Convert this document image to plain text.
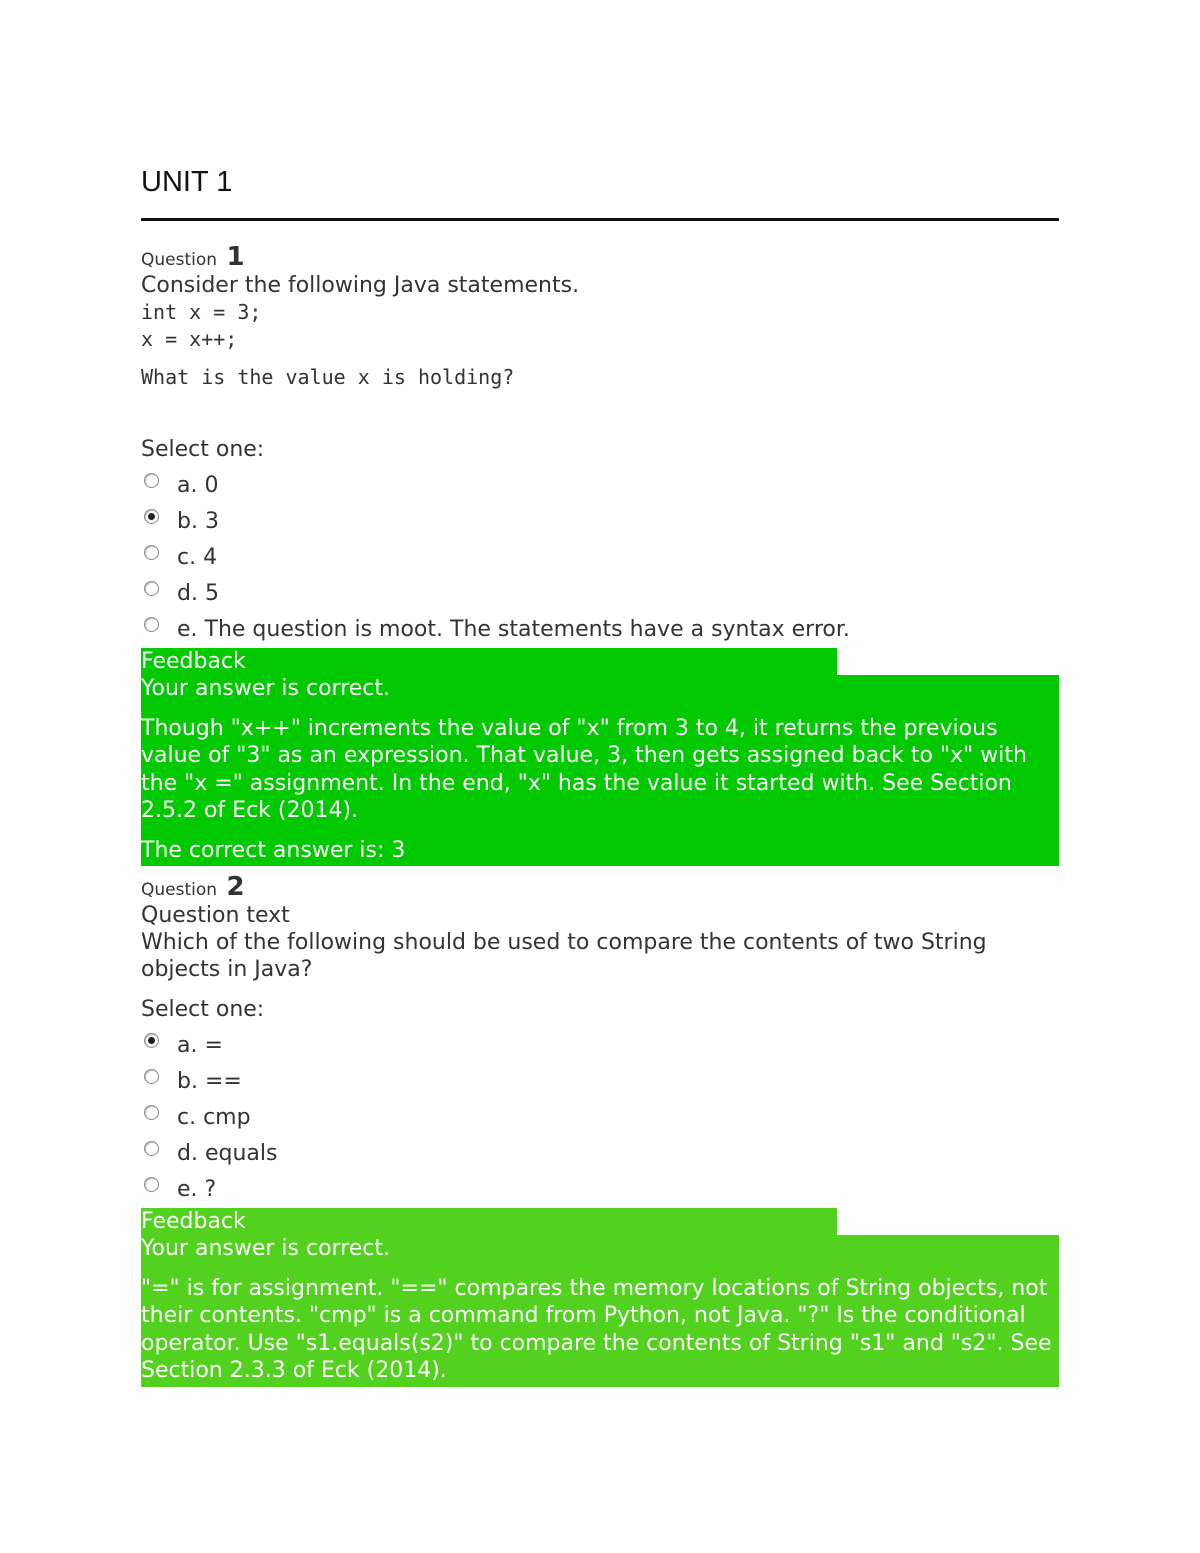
UNIT 1
Question 1
Consider the following Java statements.
int x = 3;
x = x++;
What is the value x is holding?
Select one:
a. 0
b. 3
c. 4
d. 5
e. The question is moot. The statements have a syntax error.
Feedback

Your answer is correct.

Though "x++" increments the value of "x" from 3 to 4, it returns the previous value of "3" as an expression. That value, 3, then gets assigned back to "x" with the "x =" assignment. In the end, "x" has the value it started with. See Section 2.5.2 of Eck (2014).

The correct answer is: 3

Question 2
Question text
Which of the following should be used to compare the contents of two String objects in Java?
Select one:
a. =
b. ==
c. cmp
d. equals
e. ?
Feedback

Your answer is correct.

"=" is for assignment. "==" compares the memory locations of String objects, not their contents. "cmp" is a command from Python, not Java. "?" Is the conditional operator. Use "s1.equals(s2)" to compare the contents of String "s1" and "s2". See Section 2.3.3 of Eck (2014).
